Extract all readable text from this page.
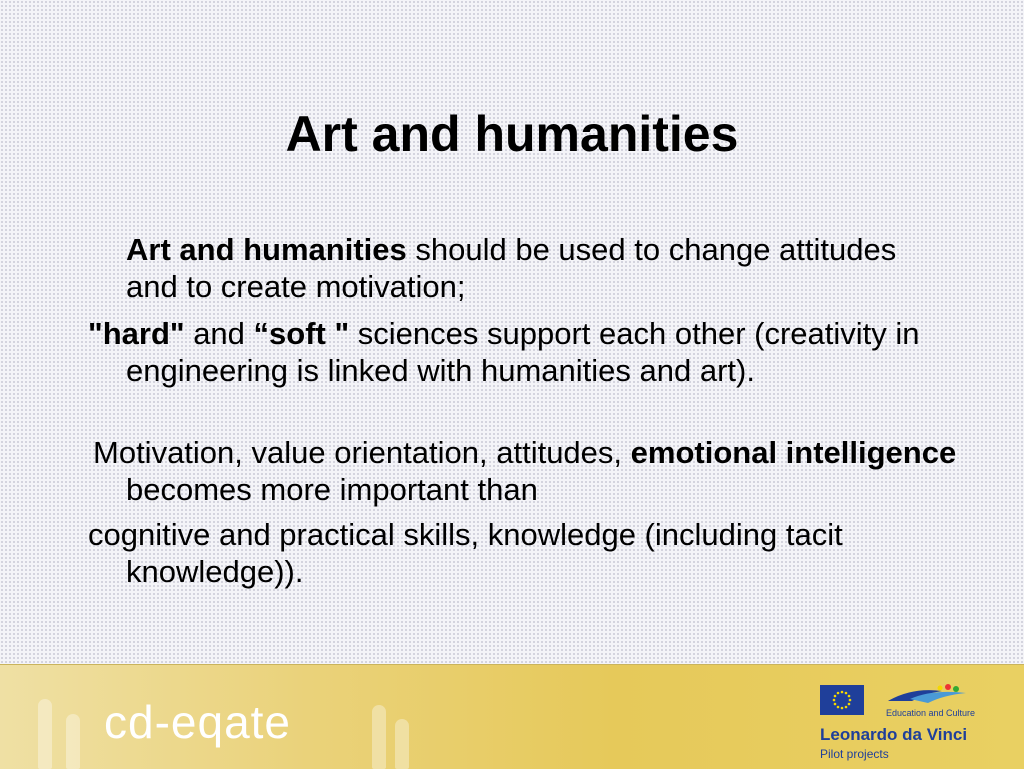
Art and humanities
Art and humanities should be used to change attitudes and to create motivation;
"hard" and “soft " sciences support each other (creativity in engineering is linked with humanities and art).
Motivation, value orientation, attitudes, emotional intelligence becomes more important than
cognitive and practical skills, knowledge (including tacit knowledge)).
cd-eqate	Education and Culture
Leonardo da Vinci
Pilot projects
